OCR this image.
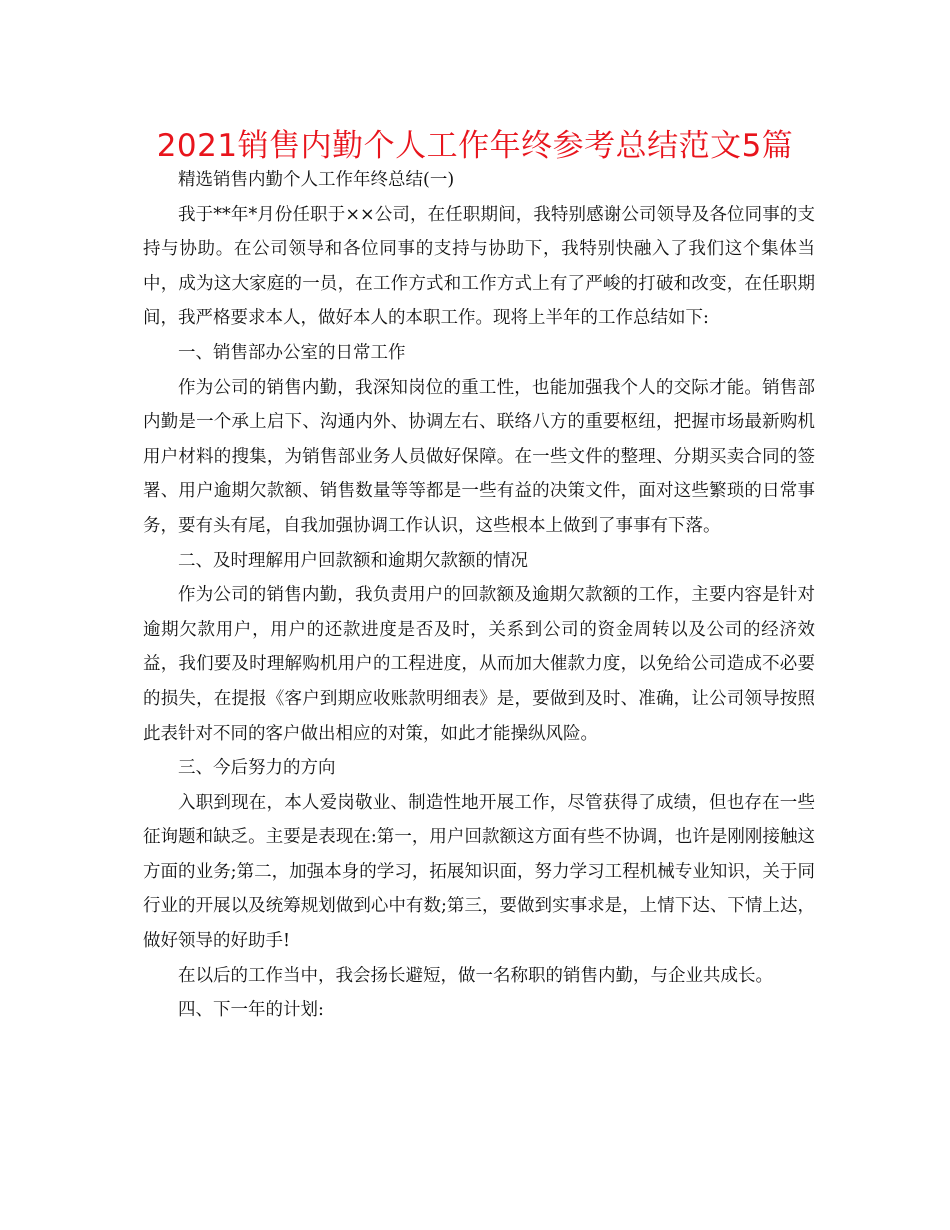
2021销售内勤个人工作年终参考总结范文5篇

精选销售内勤个人工作年终总结(一)

我于**年*月份任职于××公司，在任职期间，我特别感谢公司领导及各位同事的支持与协助。在公司领导和各位同事的支持与协助下，我特别快融入了我们这个集体当中，成为这大家庭的一员，在工作方式和工作方式上有了严峻的打破和改变，在任职期间，我严格要求本人，做好本人的本职工作。现将上半年的工作总结如下:

一、销售部办公室的日常工作

作为公司的销售内勤，我深知岗位的重工性，也能加强我个人的交际才能。销售部内勤是一个承上启下、沟通内外、协调左右、联络八方的重要枢纽，把握市场最新购机用户材料的搜集，为销售部业务人员做好保障。在一些文件的整理、分期买卖合同的签署、用户逾期欠款额、销售数量等等都是一些有益的决策文件，面对这些繁琐的日常事务，要有头有尾，自我加强协调工作认识，这些根本上做到了事事有下落。

二、及时理解用户回款额和逾期欠款额的情况

作为公司的销售内勤，我负责用户的回款额及逾期欠款额的工作，主要内容是针对逾期欠款用户，用户的还款进度是否及时，关系到公司的资金周转以及公司的经济效益，我们要及时理解购机用户的工程进度，从而加大催款力度，以免给公司造成不必要的损失，在提报《客户到期应收账款明细表》是，要做到及时、准确，让公司领导按照此表针对不同的客户做出相应的对策，如此才能操纵风险。

三、今后努力的方向

入职到现在，本人爱岗敬业、制造性地开展工作，尽管获得了成绩，但也存在一些征询题和缺乏。主要是表现在:第一，用户回款额这方面有些不协调，也许是刚刚接触这方面的业务;第二，加强本身的学习，拓展知识面，努力学习工程机械专业知识，关于同行业的开展以及统筹规划做到心中有数;第三，要做到实事求是，上情下达、下情上达，做好领导的好助手!

在以后的工作当中，我会扬长避短，做一名称职的销售内勤，与企业共成长。

四、下一年的计划:
